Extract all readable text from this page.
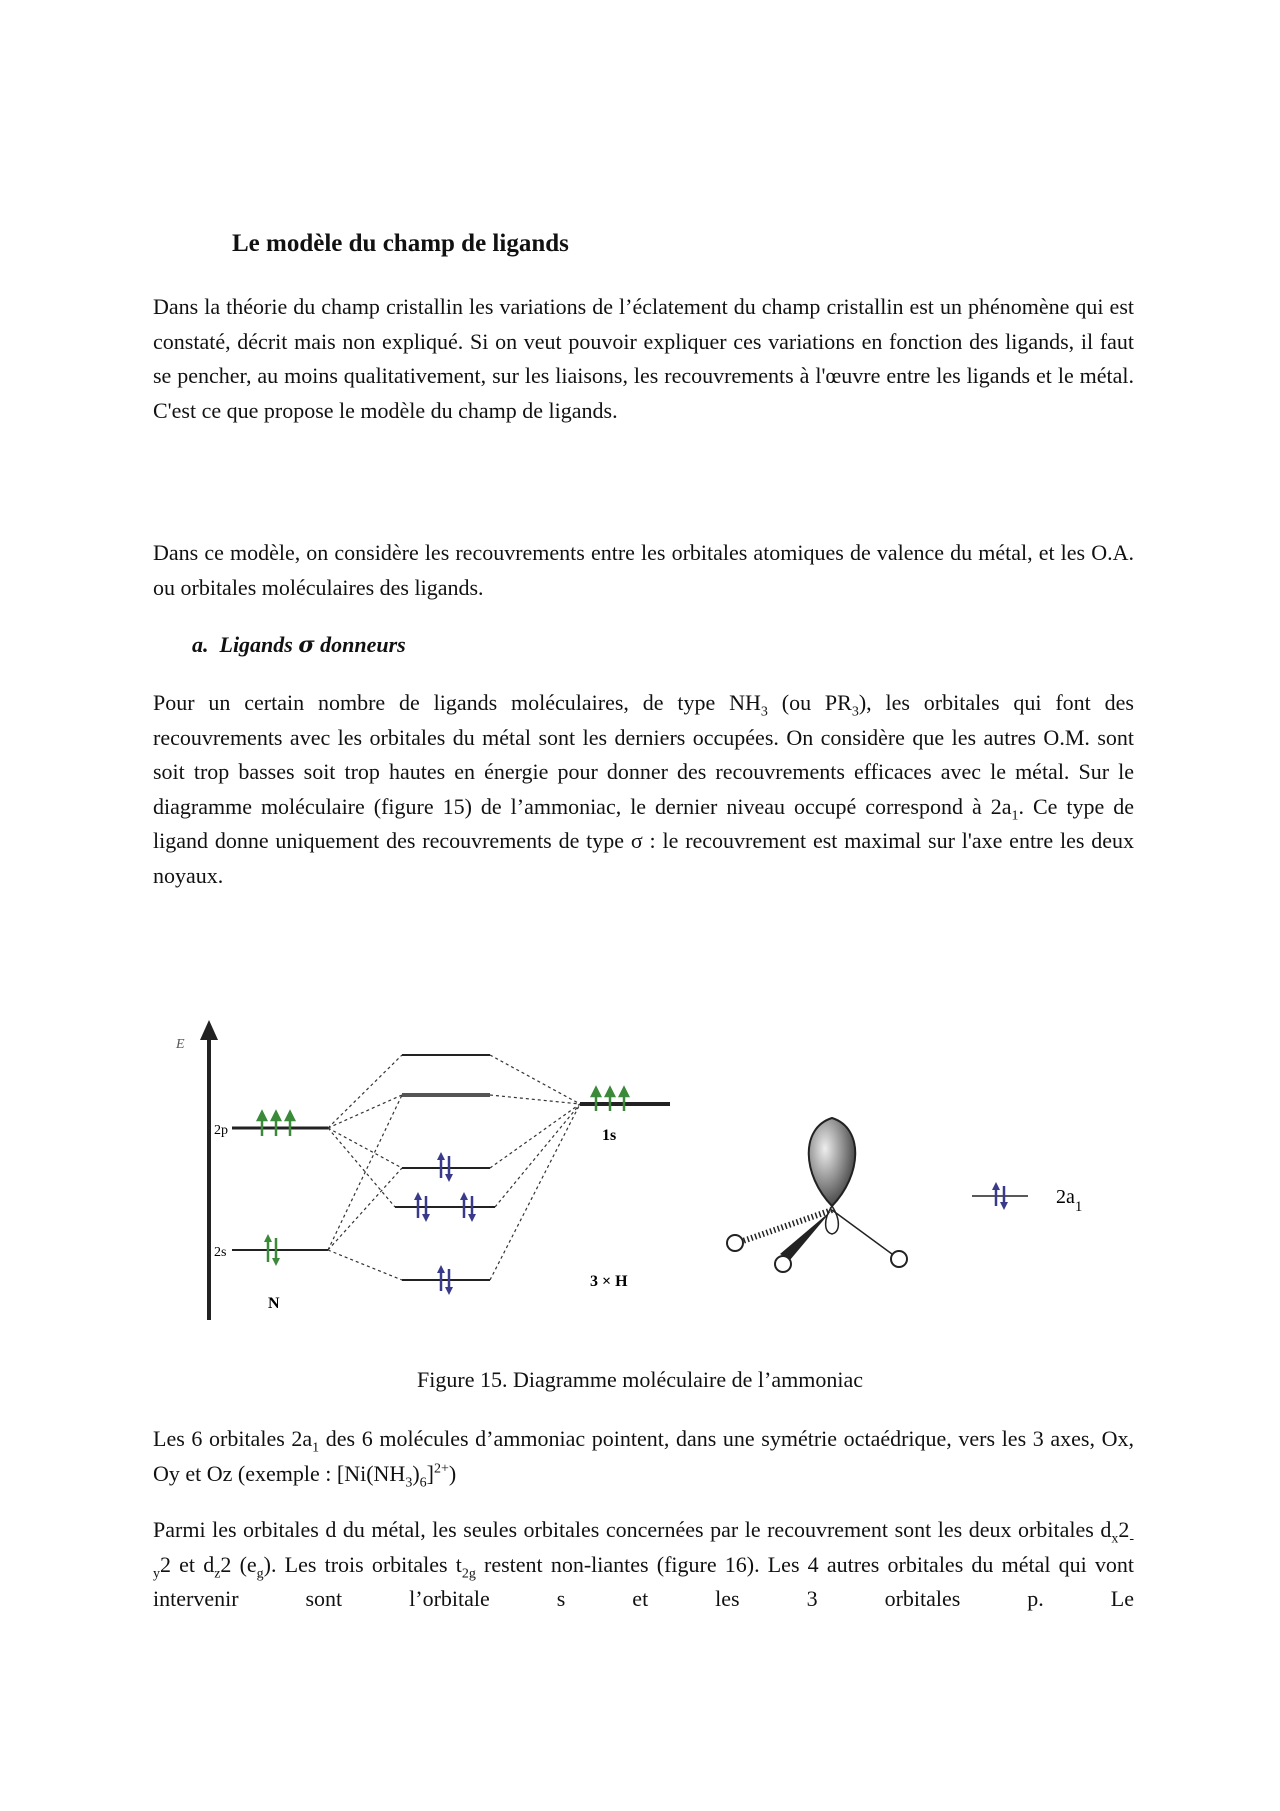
Le modèle du champ de ligands

Dans la théorie du champ cristallin les variations de l’éclatement du champ cristallin est un phénomène qui est constaté, décrit mais non expliqué. Si on veut pouvoir expliquer ces variations en fonction des ligands, il faut se pencher, au moins qualitativement, sur les liaisons, les recouvrements à l'œuvre entre les ligands et le métal. C'est ce que propose le modèle du champ de ligands.

Dans ce modèle, on considère les recouvrements entre les orbitales atomiques de valence du métal, et les O.A. ou orbitales moléculaires des ligands.

a. Ligands σ donneurs

Pour un certain nombre de ligands moléculaires, de type $NH_3$ (ou $PR_3$), les orbitales qui font des recouvrements avec les orbitales du métal sont les derniers occupées. On considère que les autres O.M. sont soit trop basses soit trop hautes en énergie pour donner des recouvrements efficaces avec le métal. Sur le diagramme moléculaire (figure 15) de l’ammoniac, le dernier niveau occupé correspond à $2a_1$. Ce type de ligand donne uniquement des recouvrements de type σ : le recouvrement est maximal sur l'axe entre les deux noyaux.

E
2p
2s
N
1s
3 × H
$2a_1$

Figure 15. Diagramme moléculaire de l’ammoniac

Les 6 orbitales $2a_1$ des 6 molécules d’ammoniac pointent, dans une symétrie octaédrique, vers les 3 axes, Ox, Oy et Oz (exemple : $[Ni(NH_3)_6]^{2+}$)

Parmi les orbitales d du métal, les seules orbitales concernées par le recouvrement sont les deux orbitales $d_x2_{-y}2$ et $d_z2$ $(e_g)$. Les trois orbitales $t_{2g}$ restent non-liantes (figure 16). Les 4 autres orbitales du métal qui vont intervenir sont l’orbitale s et les 3 orbitales p. Le
